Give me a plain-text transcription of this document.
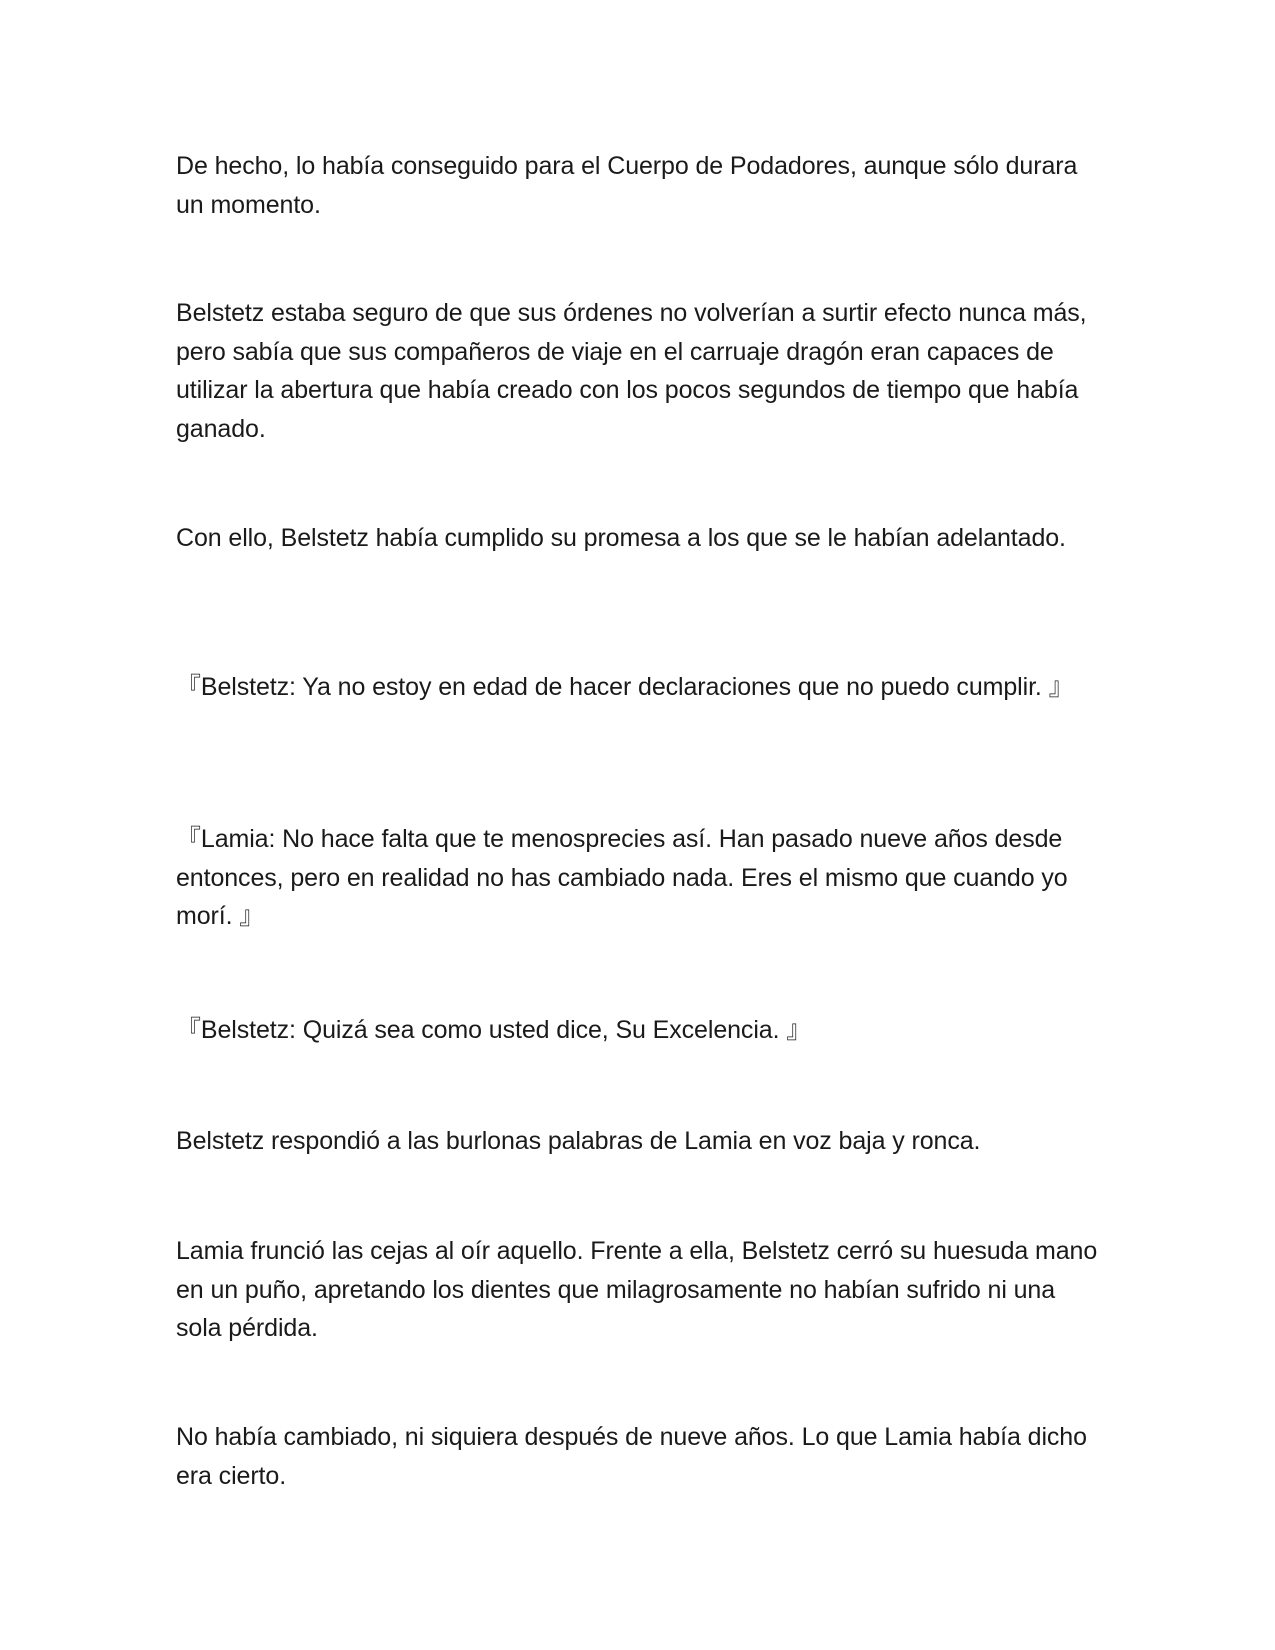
De hecho, lo había conseguido para el Cuerpo de Podadores, aunque sólo durara un momento.

Belstetz estaba seguro de que sus órdenes no volverían a surtir efecto nunca más, pero sabía que sus compañeros de viaje en el carruaje dragón eran capaces de utilizar la abertura que había creado con los pocos segundos de tiempo que había ganado.

Con ello, Belstetz había cumplido su promesa a los que se le habían adelantado.

『Belstetz: Ya no estoy en edad de hacer declaraciones que no puedo cumplir. 』

『Lamia: No hace falta que te menosprecies así. Han pasado nueve años desde entonces, pero en realidad no has cambiado nada. Eres el mismo que cuando yo morí. 』

『Belstetz: Quizá sea como usted dice, Su Excelencia. 』

Belstetz respondió a las burlonas palabras de Lamia en voz baja y ronca.

Lamia frunció las cejas al oír aquello. Frente a ella, Belstetz cerró su huesuda mano en un puño, apretando los dientes que milagrosamente no habían sufrido ni una sola pérdida.

No había cambiado, ni siquiera después de nueve años. Lo que Lamia había dicho era cierto.
